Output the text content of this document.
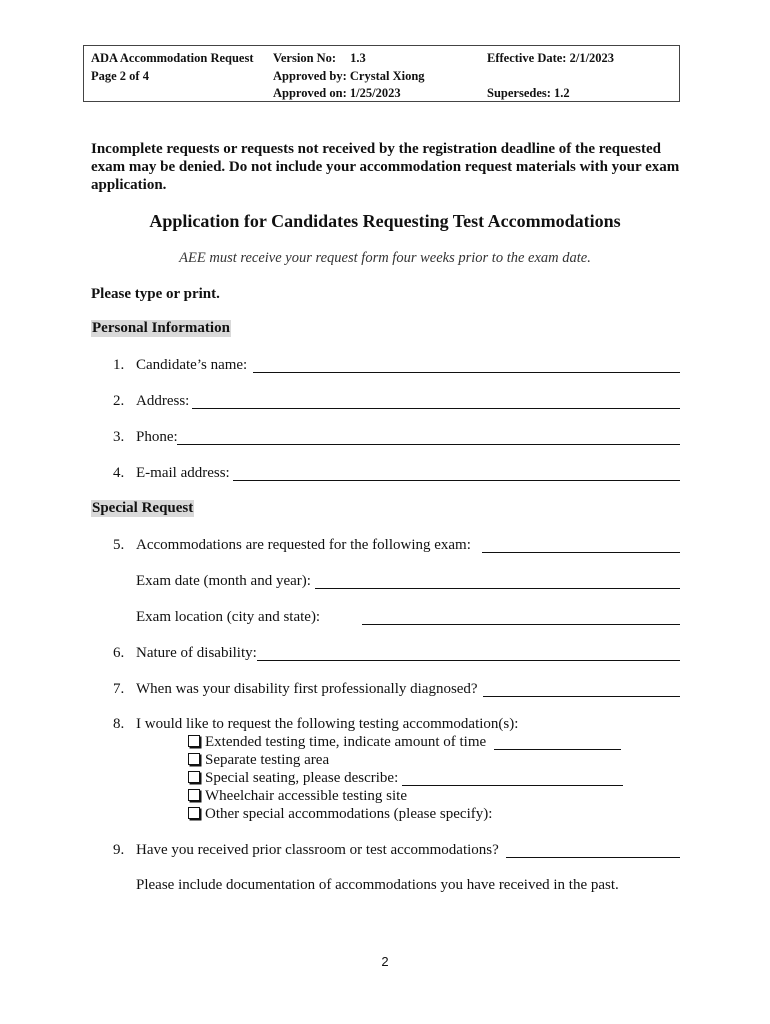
ADA Accommodation Request
Page 2 of 4
Version No: 1.3
Approved by: Crystal Xiong
Approved on: 1/25/2023
Effective Date: 2/1/2023

Supersedes: 1.2
Incomplete requests or requests not received by the registration deadline of the requested exam may be denied. Do not include your accommodation request materials with your exam application.
Application for Candidates Requesting Test Accommodations
AEE must receive your request form four weeks prior to the exam date.
Please type or print.
Personal Information
1. Candidate’s name:
2. Address:
3. Phone:
4. E-mail address:
Special Request
5. Accommodations are requested for the following exam:
Exam date (month and year):
Exam location (city and state):
6. Nature of disability:
7. When was your disability first professionally diagnosed?
8. I would like to request the following testing accommodation(s):
Extended testing time, indicate amount of time
Separate testing area
Special seating, please describe:
Wheelchair accessible testing site
Other special accommodations (please specify):
9. Have you received prior classroom or test accommodations?
Please include documentation of accommodations you have received in the past.
2
